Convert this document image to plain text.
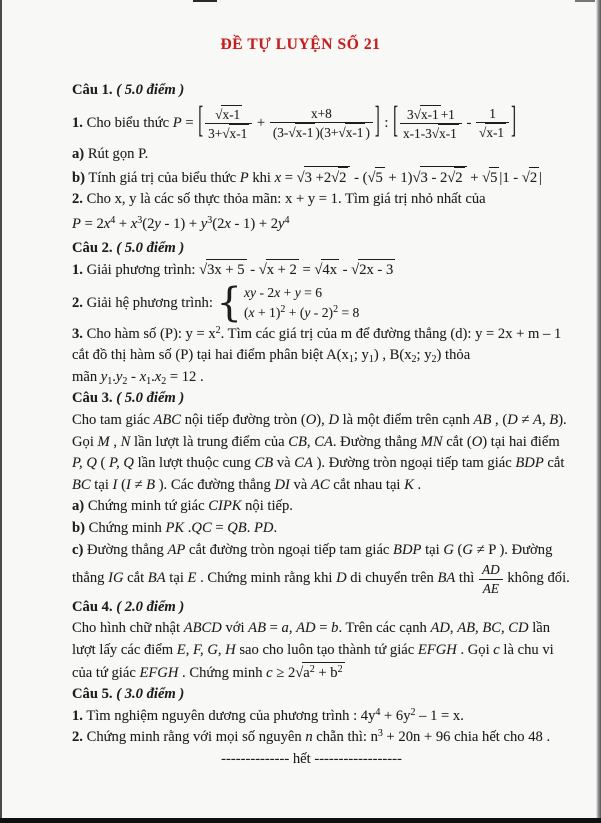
ĐỀ TỰ LUYỆN SỐ 21
Câu 1. ( 5.0 điểm )
1. Cho biểu thức P = [ $\frac{√x-1}{3+√x-1} + \frac{x+8}{(3-√x-1 )(3+√x-1 )}$ ] : [ $\frac{3√x-1 +1}{x-1-3√x-1} - \frac{1}{√x-1}$ ]
a) Rút gọn P.
b) Tính giá trị của biểu thức P khi x = √3 +2√2 - (√5 + 1)√3 - 2√2 + √5 |1 - √2 |
2. Cho x, y là các số thực thỏa mãn: x + y = 1. Tìm giá trị nhỏ nhất của
$P = 2x^4 + x^3(2y - 1) + y^3(2x - 1) + 2y^4$
Câu 2. ( 5.0 điểm )
1. Giải phương trình: √3x + 5 - √x + 2 = √4x - √2x - 3
2. Giải hệ phương trình: { xy - 2x + y = 6
$(x + 1)^2 + (y - 2)^2 = 8$
3. Cho hàm số (P): $y = x^2$. Tìm các giá trị của m để đường thẳng (d): y = 2x + m – 1
cắt đồ thị hàm số (P) tại hai điểm phân biệt $A(x_1$; $y_1$) , $B(x_2$; $y_2$) thỏa
mãn $y_1.y_2 - x_1.x_2 = 12$ .
Câu 3. ( 5.0 điểm )
Cho tam giác ABC nội tiếp đường tròn (O), D là một điểm trên cạnh AB , (D ≠ A, B).
Gọi M , N lần lượt là trung điểm của CB, CA. Đường thẳng MN cắt (O) tại hai điểm
P, Q ( P, Q lần lượt thuộc cung CB và CA ). Đường tròn ngoại tiếp tam giác BDP cắt
BC tại I (I ≠ B ). Các đường thẳng DI và AC cắt nhau tại K .
a) Chứng minh tứ giác CIPK nội tiếp.
b) Chứng minh PK .QC = QB. PD.
c) Đường thẳng AP cắt đường tròn ngoại tiếp tam giác BDP tại G (G ≠ P ). Đường
thẳng IG cắt BA tại E . Chứng minh rằng khi D di chuyển trên BA thì $\frac{AD}{AE}$ không đổi.
Câu 4. ( 2.0 điểm )
Cho hình chữ nhật ABCD với AB = a, AD = b. Trên các cạnh AD, AB, BC, CD lần
lượt lấy các điểm E, F, G, H sao cho luôn tạo thành tứ giác EFGH . Gọi c là chu vi
của tứ giác EFGH . Chứng minh $c \ge 2√a^2 + b^2$
Câu 5. ( 3.0 điểm )
1. Tìm nghiệm nguyên dương của phương trình : $4y^4 + 6y^2 - 1 = x$.
2. Chứng minh rằng với mọi số nguyên n chẵn thì: $n^3 + 20n + 96$ chia hết cho 48 .
-------------- hết ------------------
